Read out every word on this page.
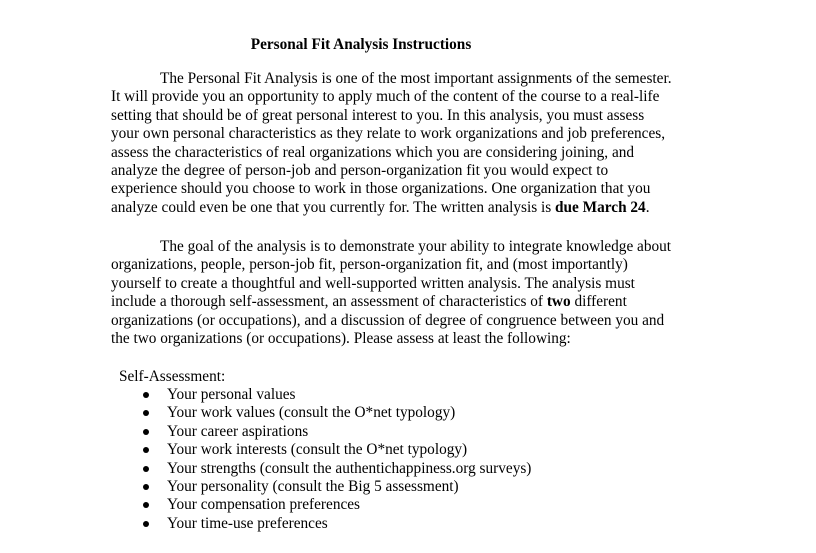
Personal Fit Analysis Instructions
The Personal Fit Analysis is one of the most important assignments of the semester.
It will provide you an opportunity to apply much of the content of the course to a real-life
setting that should be of great personal interest to you. In this analysis, you must assess
your own personal characteristics as they relate to work organizations and job preferences,
assess the characteristics of real organizations which you are considering joining, and
analyze the degree of person-job and person-organization fit you would expect to
experience should you choose to work in those organizations. One organization that you
analyze could even be one that you currently for. The written analysis is due March 24.
The goal of the analysis is to demonstrate your ability to integrate knowledge about
organizations, people, person-job fit, person-organization fit, and (most importantly)
yourself to create a thoughtful and well-supported written analysis. The analysis must
include a thorough self-assessment, an assessment of characteristics of two different
organizations (or occupations), and a discussion of degree of congruence between you and
the two organizations (or occupations). Please assess at least the following:
Self-Assessment:
Your personal values
Your work values (consult the O*net typology)
Your career aspirations
Your work interests (consult the O*net typology)
Your strengths (consult the authentichappiness.org surveys)
Your personality (consult the Big 5 assessment)
Your compensation preferences
Your time-use preferences
